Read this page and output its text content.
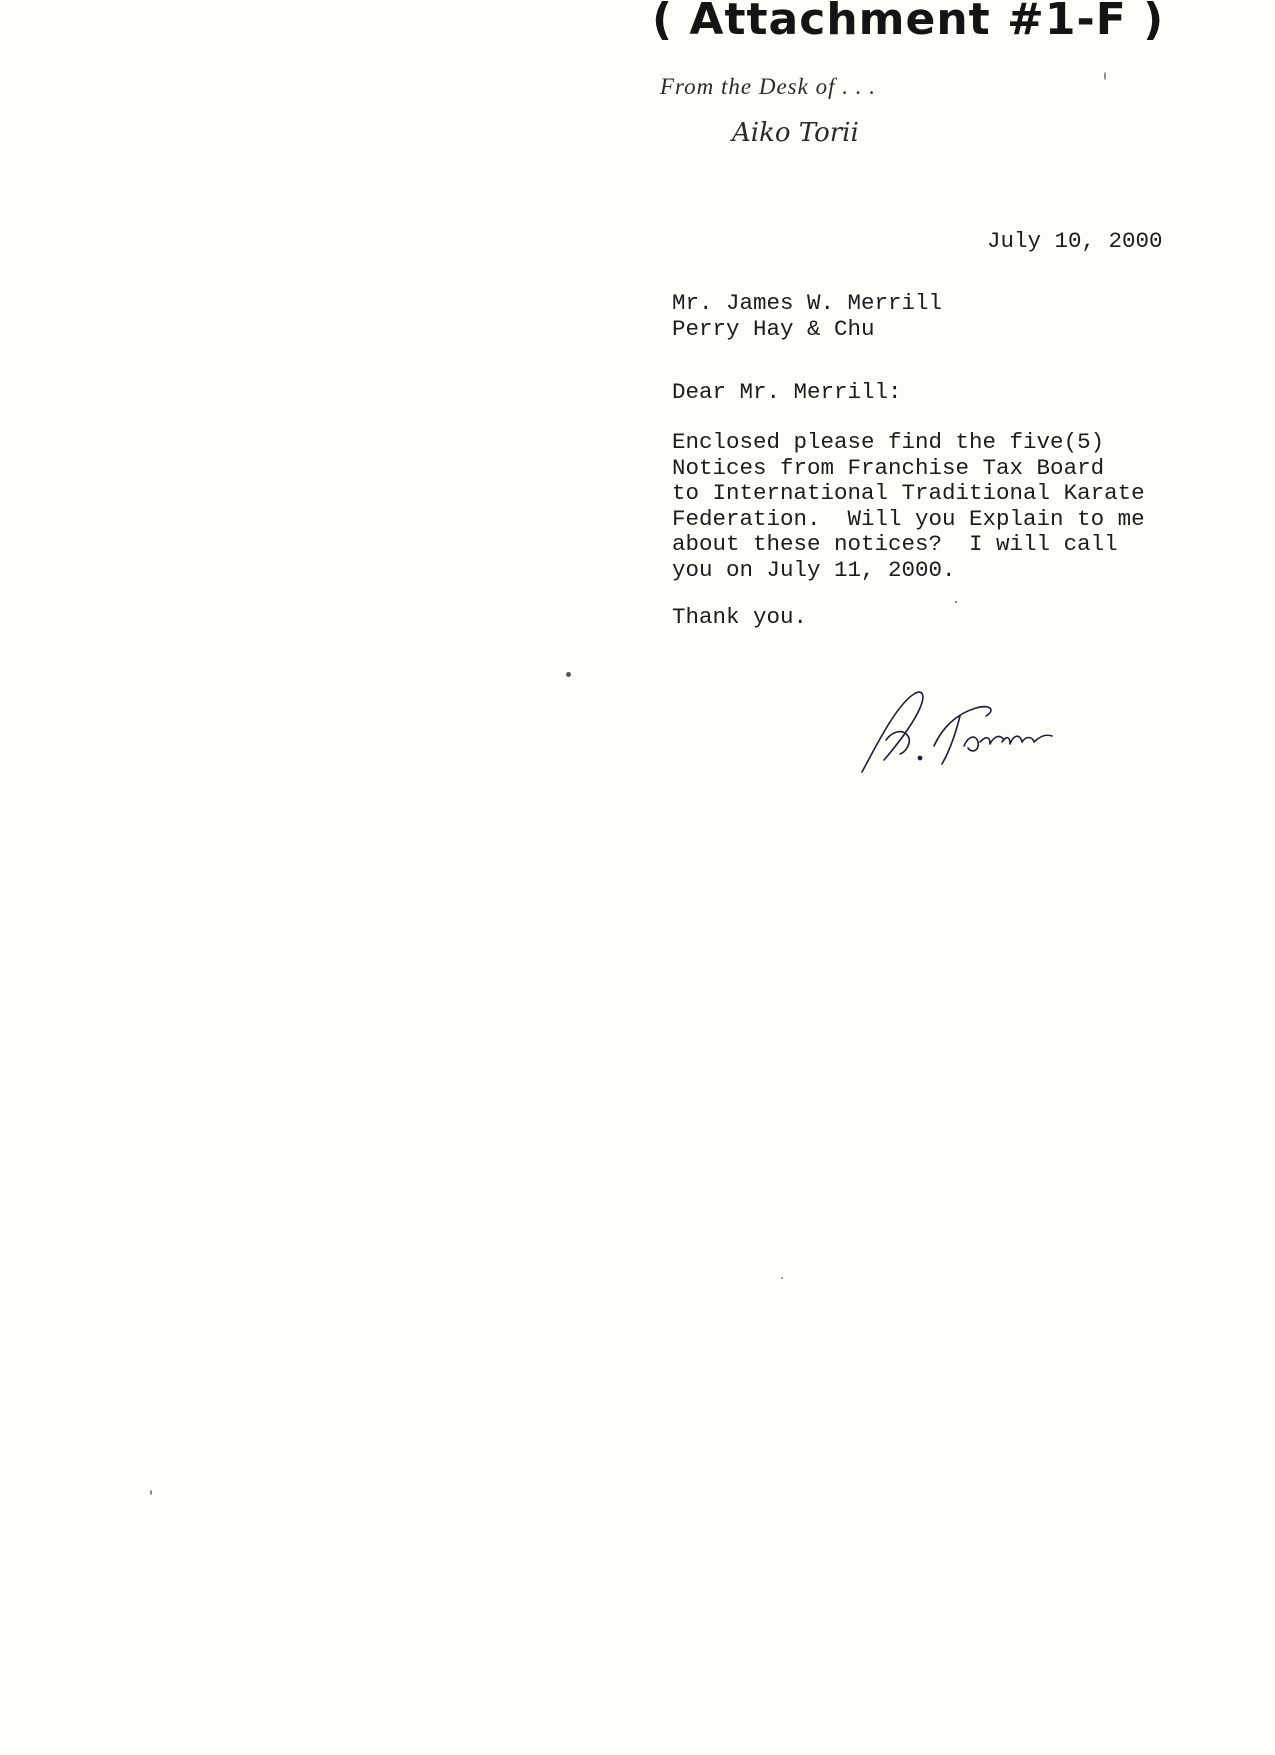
( Attachment #1-F )
From the Desk of . . .
Aiko Torii
July 10, 2000
Mr. James W. Merrill
Perry Hay & Chu
Dear Mr. Merrill:
Enclosed please find the five(5)
Notices from Franchise Tax Board
to International Traditional Karate
Federation.  Will you Explain to me
about these notices?  I will call
you on July 11, 2000.
Thank you.
